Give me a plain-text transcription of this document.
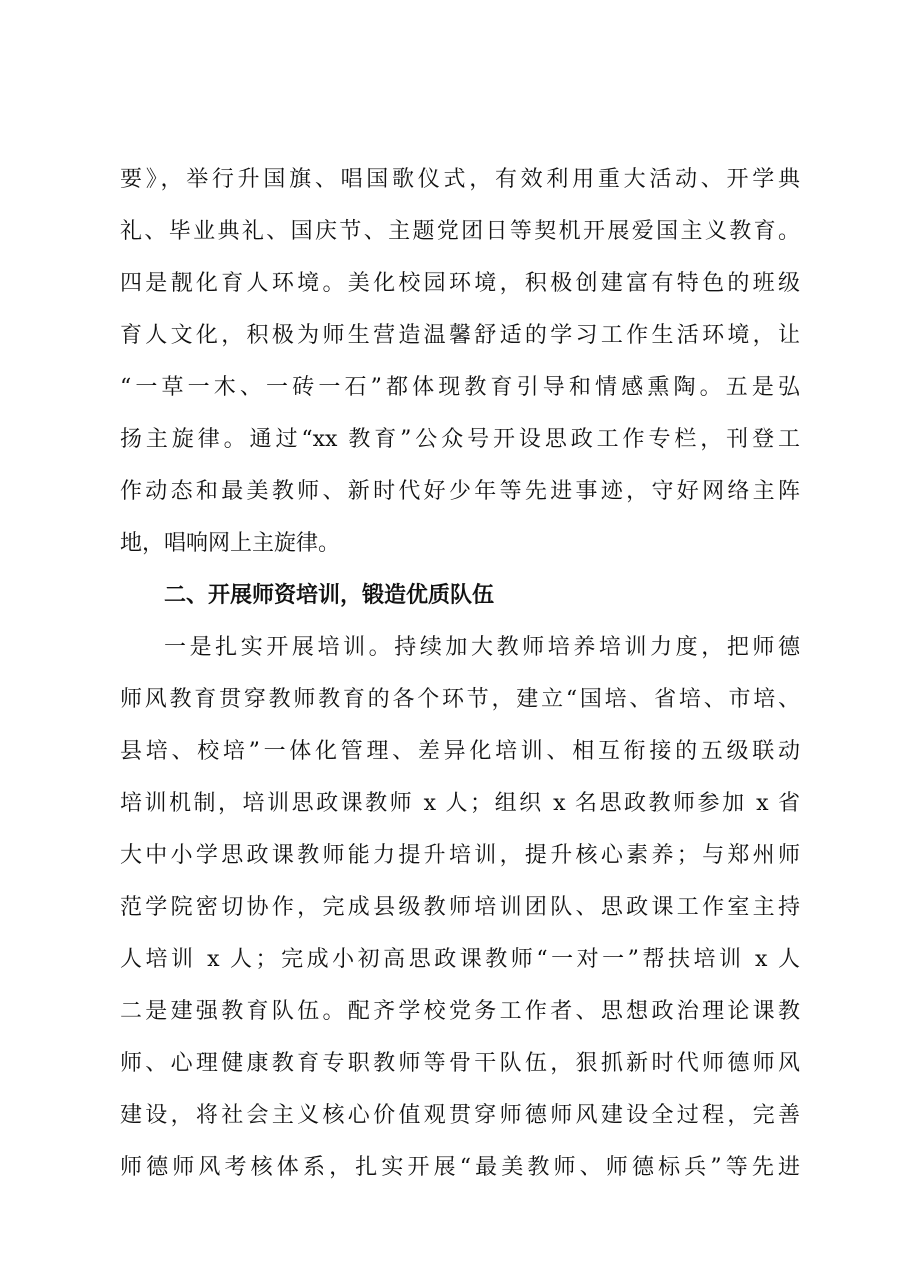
要》，举行升国旗、唱国歌仪式，有效利用重大活动、开学典
礼、毕业典礼、国庆节、主题党团日等契机开展爱国主义教育。
四是靓化育人环境。美化校园环境，积极创建富有特色的班级
育人文化，积极为师生营造温馨舒适的学习工作生活环境，让
“一草一木、一砖一石”都体现教育引导和情感熏陶。五是弘
扬主旋律。通过“xx 教育”公众号开设思政工作专栏，刊登工
作动态和最美教师、新时代好少年等先进事迹，守好网络主阵
地，唱响网上主旋律。
二、开展师资培训，锻造优质队伍
一是扎实开展培训。持续加大教师培养培训力度，把师德
师风教育贯穿教师教育的各个环节，建立“国培、省培、市培、
县培、校培”一体化管理、差异化培训、相互衔接的五级联动
培训机制，培训思政课教师 x 人；组织 x 名思政教师参加 x 省
大中小学思政课教师能力提升培训，提升核心素养；与郑州师
范学院密切协作，完成县级教师培训团队、思政课工作室主持
人培训 x 人；完成小初高思政课教师“一对一”帮扶培训 x 人
二是建强教育队伍。配齐学校党务工作者、思想政治理论课教
师、心理健康教育专职教师等骨干队伍，狠抓新时代师德师风
建设，将社会主义核心价值观贯穿师德师风建设全过程，完善
师德师风考核体系，扎实开展“最美教师、师德标兵”等先进
